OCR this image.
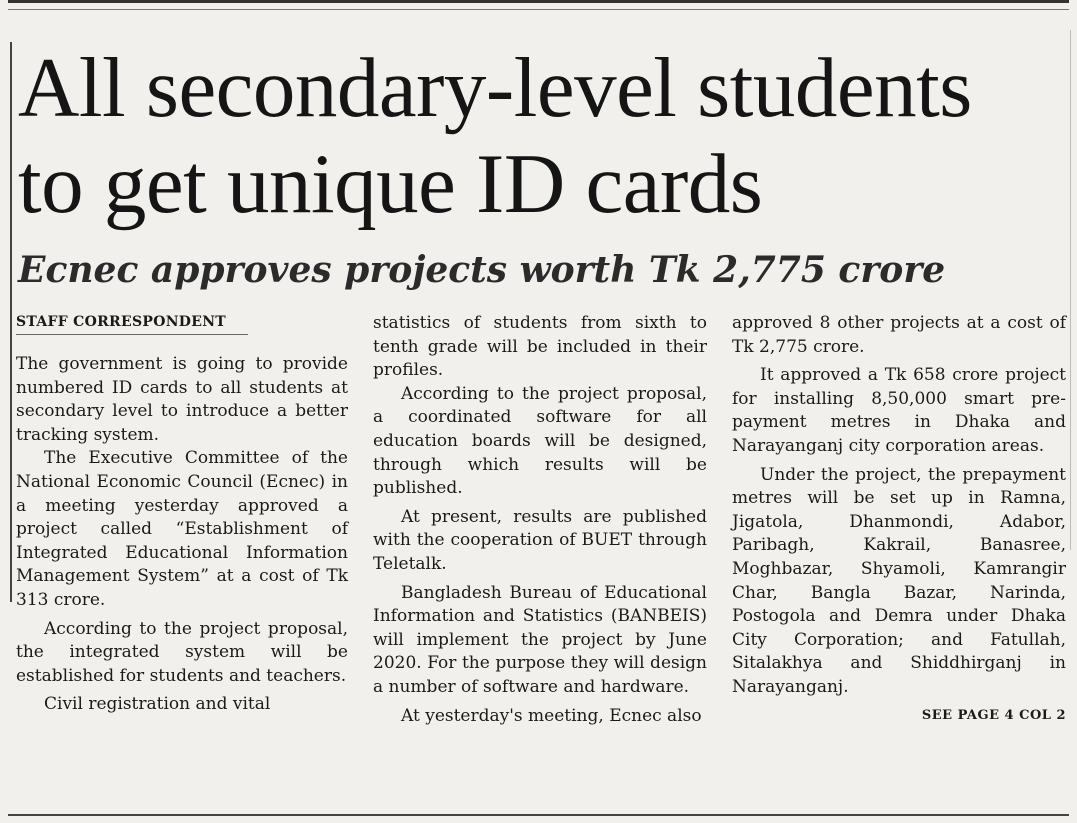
All secondary-level students
to get unique ID cards
Ecnec approves projects worth Tk 2,775 crore
STAFF CORRESPONDENT

The government is going to provide numbered ID cards to all students at secondary level to introduce a better tracking system.

The Executive Committee of the National Economic Council (Ecnec) in a meeting yesterday approved a project called “Establishment of Integrated Educational Information Management System” at a cost of Tk 313 crore.

According to the project proposal, the integrated system will be established for students and teachers.

Civil registration and vital

statistics of students from sixth to tenth grade will be included in their profiles.

According to the project proposal, a coordinated software for all education boards will be designed, through which results will be published.

At present, results are published with the cooperation of BUET through Teletalk.

Bangladesh Bureau of Educational Information and Statistics (BANBEIS) will implement the project by June 2020. For the purpose they will design a number of software and hardware.

At yesterday's meeting, Ecnec also

approved 8 other projects at a cost of Tk 2,775 crore.

It approved a Tk 658 crore project for installing 8,50,000 smart pre-payment metres in Dhaka and Narayanganj city corporation areas.

Under the project, the prepayment metres will be set up in Ramna, Jigatola, Dhanmondi, Adabor, Paribagh, Kakrail, Banasree, Moghbazar, Shyamoli, Kamrangir Char, Bangla Bazar, Narinda, Postogola and Demra under Dhaka City Corporation; and Fatullah, Sitalakhya and Shiddhirganj in Narayanganj.

SEE PAGE 4 COL 2
